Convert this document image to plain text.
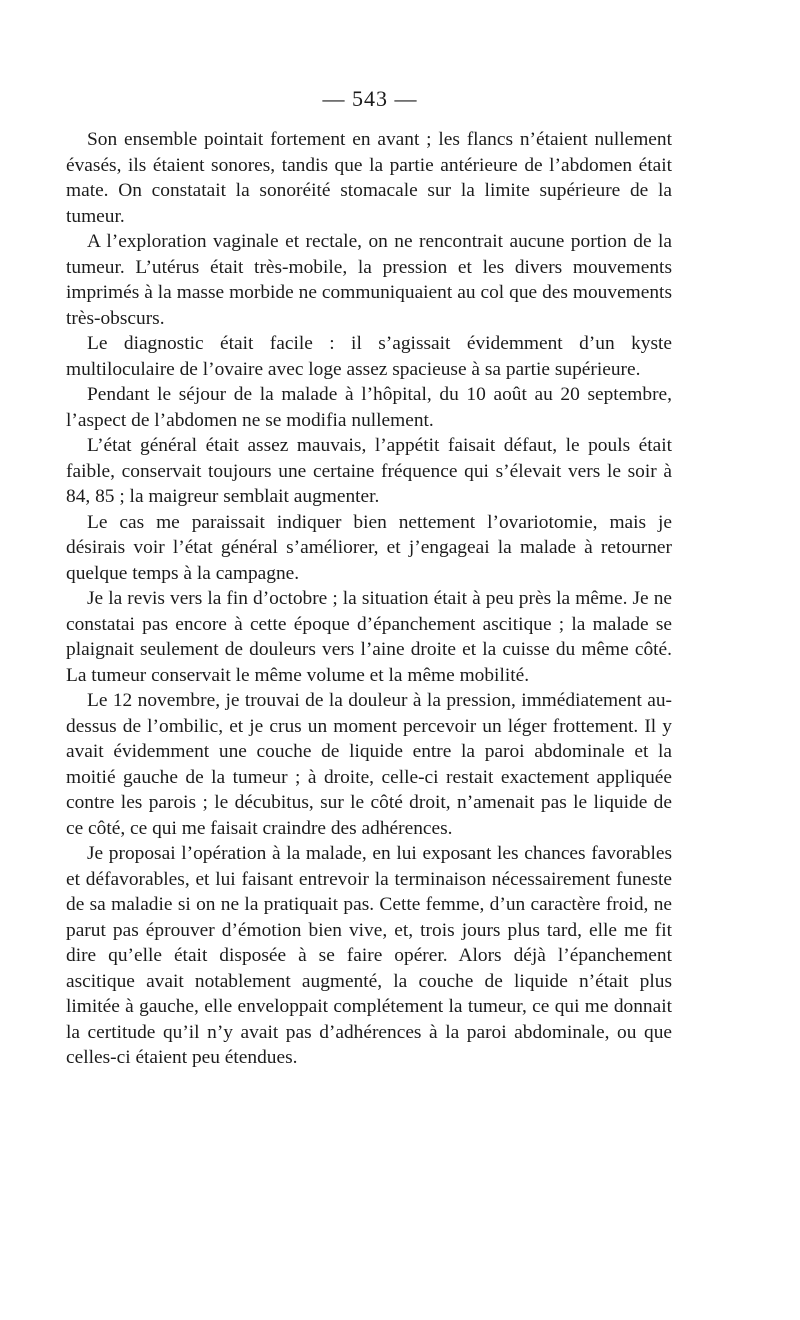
— 543 —

Son ensemble pointait fortement en avant ; les flancs n’étaient nullement évasés, ils étaient sonores, tandis que la partie antérieure de l’abdomen était mate. On constatait la sonoréité stomacale sur la limite supérieure de la tumeur.

A l’exploration vaginale et rectale, on ne rencontrait aucune portion de la tumeur. L’utérus était très-mobile, la pression et les divers mouvements imprimés à la masse morbide ne communiquaient au col que des mouvements très-obscurs.

Le diagnostic était facile : il s’agissait évidemment d’un kyste multiloculaire de l’ovaire avec loge assez spacieuse à sa partie supérieure.

Pendant le séjour de la malade à l’hôpital, du 10 août au 20 septembre, l’aspect de l’abdomen ne se modifia nullement.

L’état général était assez mauvais, l’appétit faisait défaut, le pouls était faible, conservait toujours une certaine fréquence qui s’élevait vers le soir à 84, 85 ; la maigreur semblait augmenter.

Le cas me paraissait indiquer bien nettement l’ovariotomie, mais je désirais voir l’état général s’améliorer, et j’engageai la malade à retourner quelque temps à la campagne.

Je la revis vers la fin d’octobre ; la situation était à peu près la même. Je ne constatai pas encore à cette époque d’épanchement ascitique ; la malade se plaignait seulement de douleurs vers l’aine droite et la cuisse du même côté. La tumeur conservait le même volume et la même mobilité.

Le 12 novembre, je trouvai de la douleur à la pression, immédiatement au-dessus de l’ombilic, et je crus un moment percevoir un léger frottement. Il y avait évidemment une couche de liquide entre la paroi abdominale et la moitié gauche de la tumeur ; à droite, celle-ci restait exactement appliquée contre les parois ; le décubitus, sur le côté droit, n’amenait pas le liquide de ce côté, ce qui me faisait craindre des adhérences.

Je proposai l’opération à la malade, en lui exposant les chances favorables et défavorables, et lui faisant entrevoir la terminaison nécessairement funeste de sa maladie si on ne la pratiquait pas. Cette femme, d’un caractère froid, ne parut pas éprouver d’émotion bien vive, et, trois jours plus tard, elle me fit dire qu’elle était disposée à se faire opérer. Alors déjà l’épanchement ascitique avait notablement augmenté, la couche de liquide n’était plus limitée à gauche, elle enveloppait complétement la tumeur, ce qui me donnait la certitude qu’il n’y avait pas d’adhérences à la paroi abdominale, ou que celles-ci étaient peu étendues.
